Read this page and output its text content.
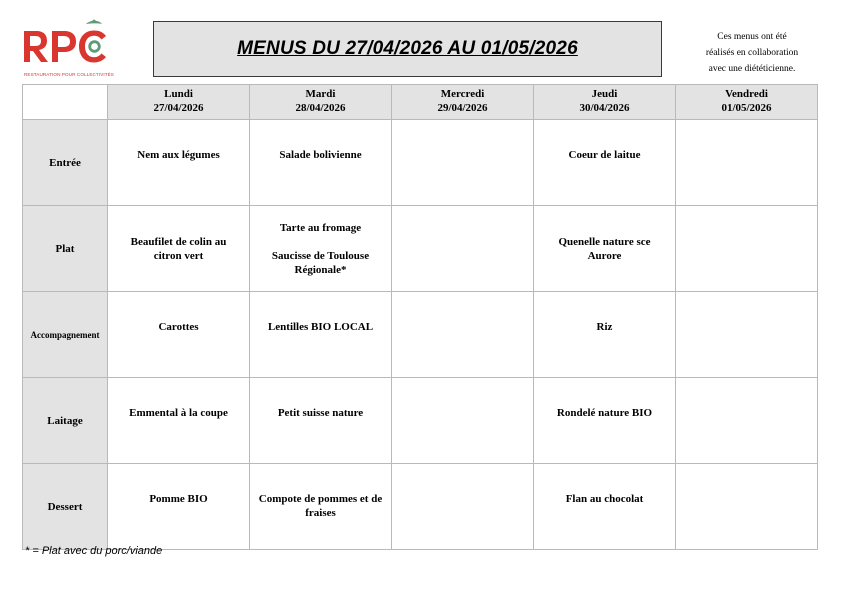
RESTAURATION POUR COLLECTIVITÉS
MENUS DU 27/04/2026 AU 01/05/2026
Ces menus ont été
réalisés en collaboration
avec une diététicienne.

	Lundi
27/04/2026	Mardi
28/04/2026	Mercredi
29/04/2026	Jeudi
30/04/2026	Vendredi
01/05/2026

Entrée	Nem aux légumes	Salade bolivienne		Coeur de laitue	

Plat	Beaufilet de colin au
citron vert	Tarte au fromage
Saucisse de Toulouse
Régionale*		Quenelle nature sce
Aurore	

Accompagnement	Carottes	Lentilles BIO LOCAL		Riz	

Laitage	Emmental à la coupe	Petit suisse nature		Rondelé nature BIO	

Dessert	Pomme BIO	Compote de pommes et de
fraises		Flan au chocolat	

* = Plat avec du porc/viande
